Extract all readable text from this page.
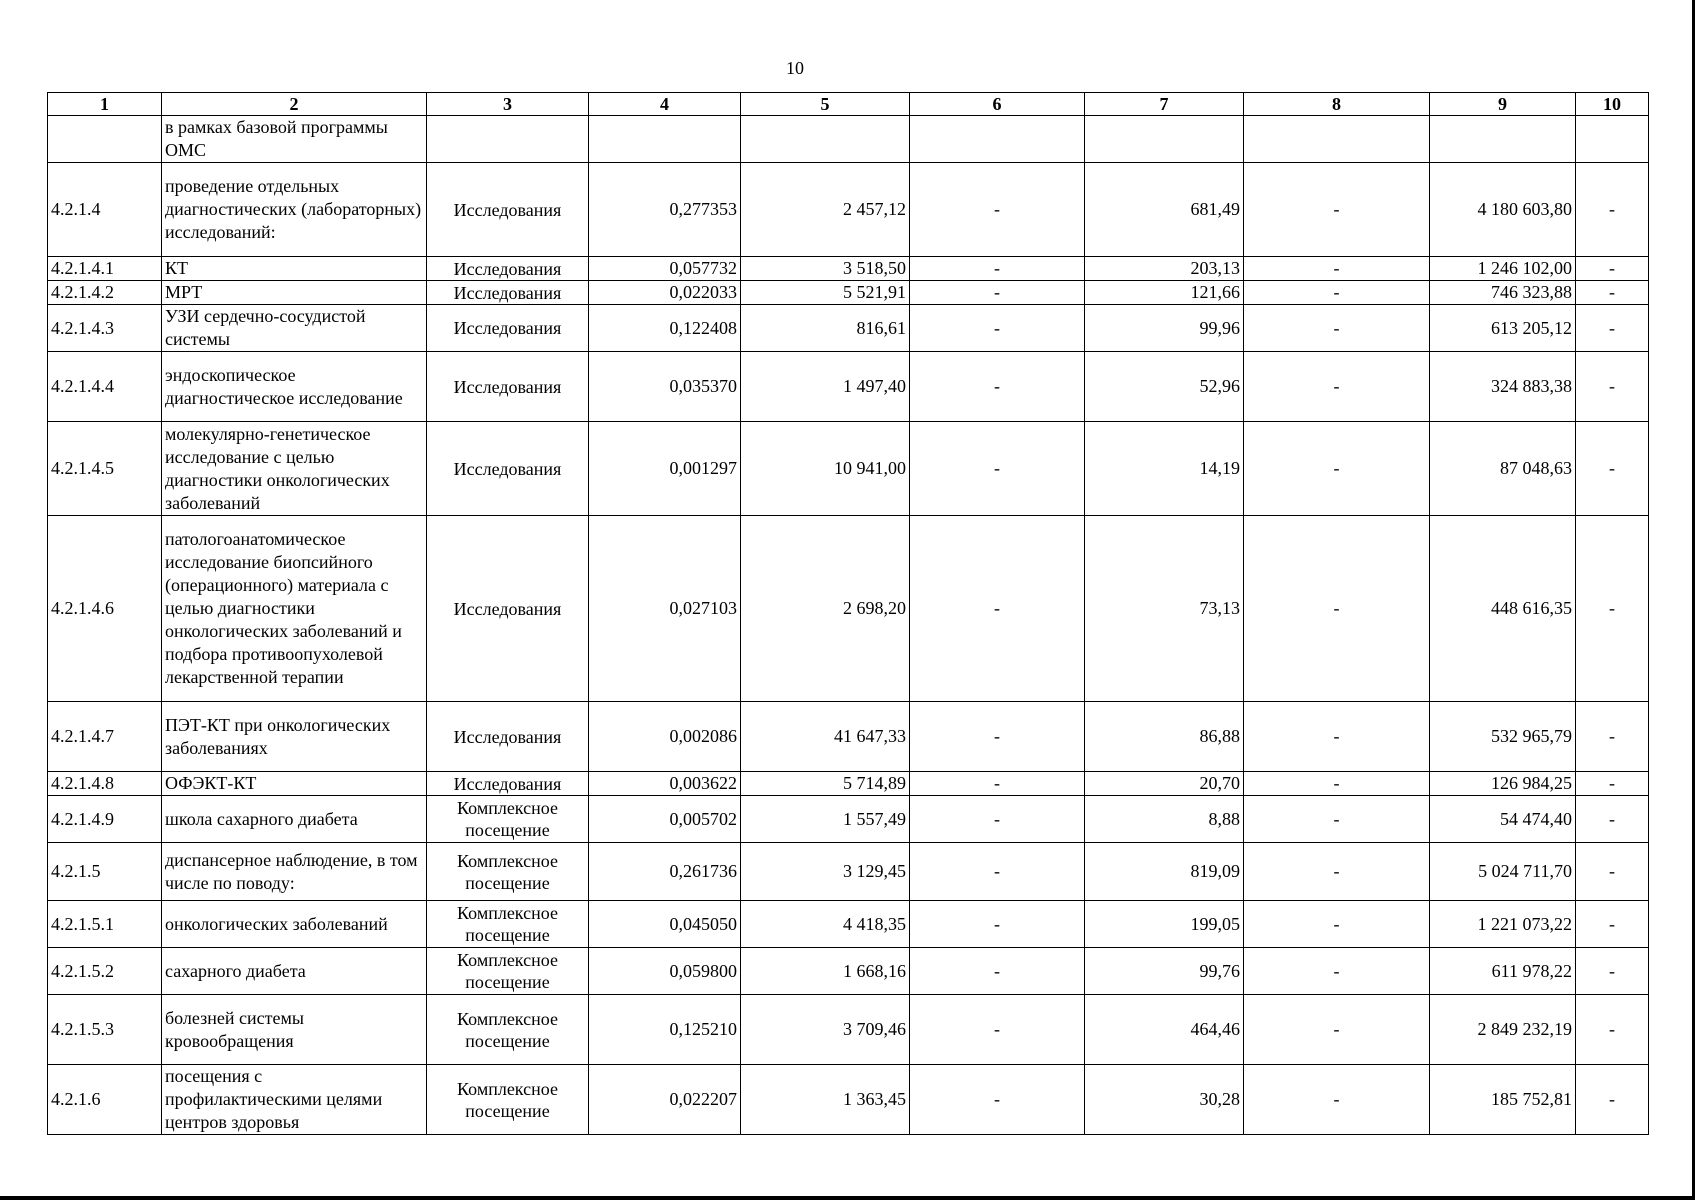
10
1	2	3	4	5	6	7	8	9	10
	в рамках базовой программы ОМС								
4.2.1.4	проведение отдельных диагностических (лабораторных) исследований:	Исследования	0,277353	2 457,12	-	681,49	-	4 180 603,80	-
4.2.1.4.1	КТ	Исследования	0,057732	3 518,50	-	203,13	-	1 246 102,00	-
4.2.1.4.2	МРТ	Исследования	0,022033	5 521,91	-	121,66	-	746 323,88	-
4.2.1.4.3	УЗИ сердечно-сосудистой системы	Исследования	0,122408	816,61	-	99,96	-	613 205,12	-
4.2.1.4.4	эндоскопическое диагностическое исследование	Исследования	0,035370	1 497,40	-	52,96	-	324 883,38	-
4.2.1.4.5	молекулярно-генетическое исследование с целью диагностики онкологических заболеваний	Исследования	0,001297	10 941,00	-	14,19	-	87 048,63	-
4.2.1.4.6	патологоанатомическое исследование биопсийного (операционного) материала с целью диагностики онкологических заболеваний и подбора противоопухолевой лекарственной терапии	Исследования	0,027103	2 698,20	-	73,13	-	448 616,35	-
4.2.1.4.7	ПЭТ-КТ при онкологических заболеваниях	Исследования	0,002086	41 647,33	-	86,88	-	532 965,79	-
4.2.1.4.8	ОФЭКТ-КТ	Исследования	0,003622	5 714,89	-	20,70	-	126 984,25	-
4.2.1.4.9	школа сахарного диабета	Комплексное посещение	0,005702	1 557,49	-	8,88	-	54 474,40	-
4.2.1.5	диспансерное наблюдение, в том числе по поводу:	Комплексное посещение	0,261736	3 129,45	-	819,09	-	5 024 711,70	-
4.2.1.5.1	онкологических заболеваний	Комплексное посещение	0,045050	4 418,35	-	199,05	-	1 221 073,22	-
4.2.1.5.2	сахарного диабета	Комплексное посещение	0,059800	1 668,16	-	99,76	-	611 978,22	-
4.2.1.5.3	болезней системы кровообращения	Комплексное посещение	0,125210	3 709,46	-	464,46	-	2 849 232,19	-
4.2.1.6	посещения с профилактическими целями центров здоровья	Комплексное посещение	0,022207	1 363,45	-	30,28	-	185 752,81	-
